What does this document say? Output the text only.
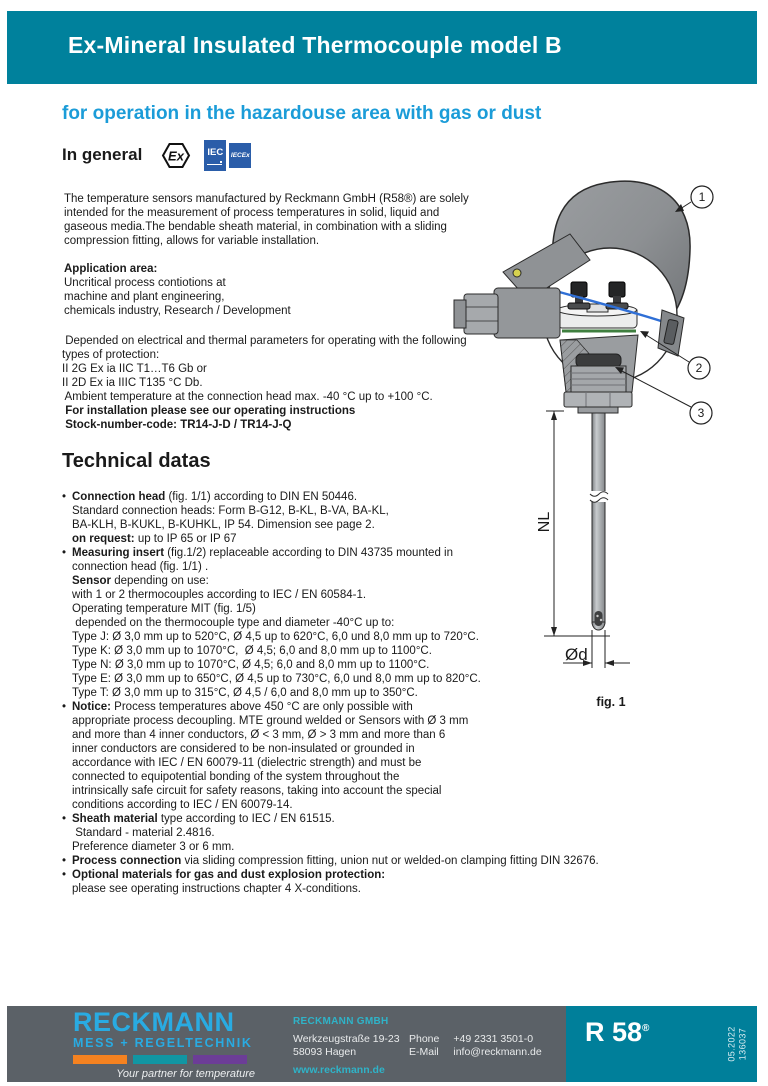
Ex-Mineral Insulated Thermocouple model B
for operation in the hazardouse area with gas or dust
In general Ex IEC IECEx
The temperature sensors manufactured by Reckmann GmbH (R58®) are solely
intended for the measurement of process temperatures in solid, liquid and
gaseous media.The bendable sheath material, in combination with a sliding
compression fitting, allows for variable installation.
Application area:
Uncritical process contiotions at
machine and plant engineering,
chemicals industry, Research / Development
Depended on electrical and thermal parameters for operating with the following
types of protection:
II 2G Ex ia IIC T1…T6 Gb or
II 2D Ex ia IIIC T135 °C Db.
Ambient temperature at the connection head max. -40 °C up to +100 °C.
For installation please see our operating instructions
Stock-number-code: TR14-J-D / TR14-J-Q
Technical datas
• Connection head (fig. 1/1) according to DIN EN 50446.
Standard connection heads: Form B-G12, B-KL, B-VA, BA-KL,
BA-KLH, B-KUKL, B-KUHKL, IP 54. Dimension see page 2.
on request: up to IP 65 or IP 67
• Measuring insert (fig.1/2) replaceable according to DIN 43735 mounted in
connection head (fig. 1/1) .
Sensor depending on use:
with 1 or 2 thermocouples according to IEC / EN 60584-1.
Operating temperature MIT (fig. 1/5)
depended on the thermocouple type and diameter -40°C up to:
Type J: Ø 3,0 mm up to 520°C, Ø 4,5 up to 620°C, 6,0 und 8,0 mm up to 720°C.
Type K: Ø 3,0 mm up to 1070°C,  Ø 4,5; 6,0 and 8,0 mm up to 1100°C.
Type N: Ø 3,0 mm up to 1070°C, Ø 4,5; 6,0 and 8,0 mm up to 1100°C.
Type E: Ø 3,0 mm up to 650°C, Ø 4,5 up to 730°C, 6,0 und 8,0 mm up to 820°C.
Type T: Ø 3,0 mm up to 315°C, Ø 4,5 / 6,0 and 8,0 mm up to 350°C.
• Notice: Process temperatures above 450 °C are only possible with
appropriate process decoupling. MTE ground welded or Sensors with Ø 3 mm
and more than 4 inner conductors, Ø < 3 mm, Ø > 3 mm and more than 6
inner conductors are considered to be non-insulated or grounded in
accordance with IEC / EN 60079-11 (dielectric strength) and must be
connected to equipotential bonding of the system throughout the
intrinsically safe circuit for safety reasons, taking into account the special
conditions according to IEC / EN 60079-14.
• Sheath material type according to IEC / EN 61515.
Standard - material 2.4816.
Preference diameter 3 or 6 mm.
• Process connection via sliding compression fitting, union nut or welded-on clamping fitting DIN 32676.
• Optional materials for gas and dust explosion protection:
please see operating instructions chapter 4 X-conditions.
NL
Ød
1
2
3
fig. 1
RECKMANN
MESS + REGELTECHNIK
Your partner for temperature
RECKMANN GMBH
Werkzeugstraße 19-23
58093 Hagen
Phone +49 2331 3501-0
E-Mail info@reckmann.de
www.reckmann.de
R 58®	05.2022 136037
